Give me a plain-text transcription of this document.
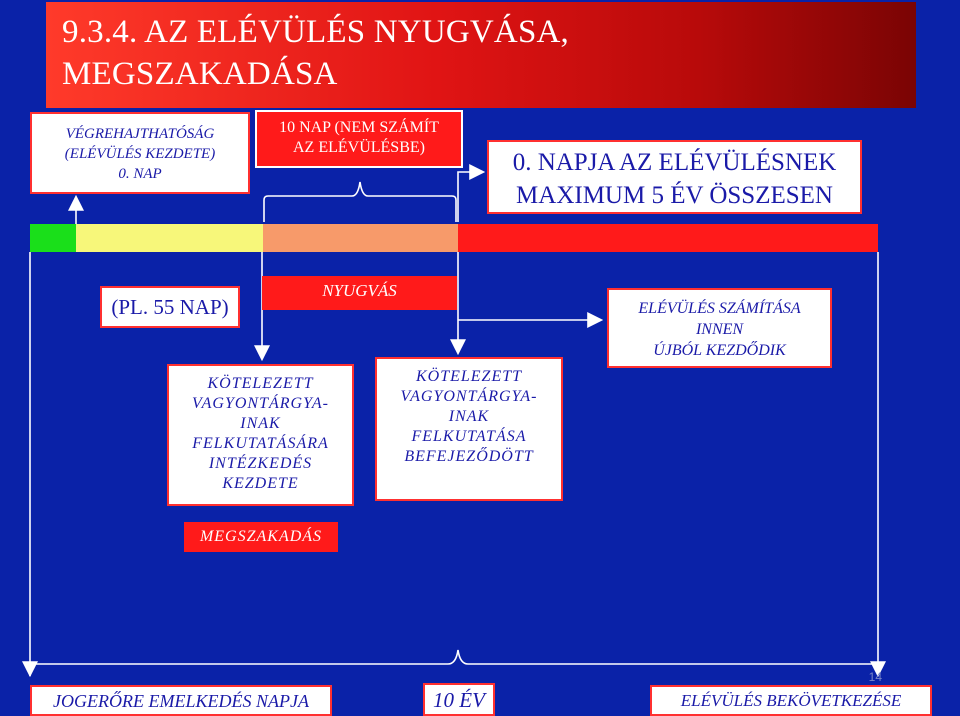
9.3.4. AZ ELÉVÜLÉS NYUGVÁSA,
MEGSZAKADÁSA
VÉGREHAJTHATÓSÁG
(ELÉVÜLÉS KEZDETE)
0. NAP
10 NAP (NEM SZÁMÍT
AZ ELÉVÜLÉSBE)
0. NAPJA AZ ELÉVÜLÉSNEK
MAXIMUM 5 ÉV ÖSSZESEN
(PL. 55 NAP)
NYUGVÁS
KÖTELEZETT
VAGYONTÁRGYA-
INAK
FELKUTATÁSÁRA
INTÉZKEDÉS
KEZDETE
KÖTELEZETT
VAGYONTÁRGYA-
INAK
FELKUTATÁSA
BEFEJEZŐDÖTT
ELÉVÜLÉS SZÁMÍTÁSA
INNEN
ÚJBÓL KEZDŐDIK
MEGSZAKADÁS
JOGERŐRE EMELKEDÉS NAPJA	10 ÉV	ELÉVÜLÉS BEKÖVETKEZÉSE
14
